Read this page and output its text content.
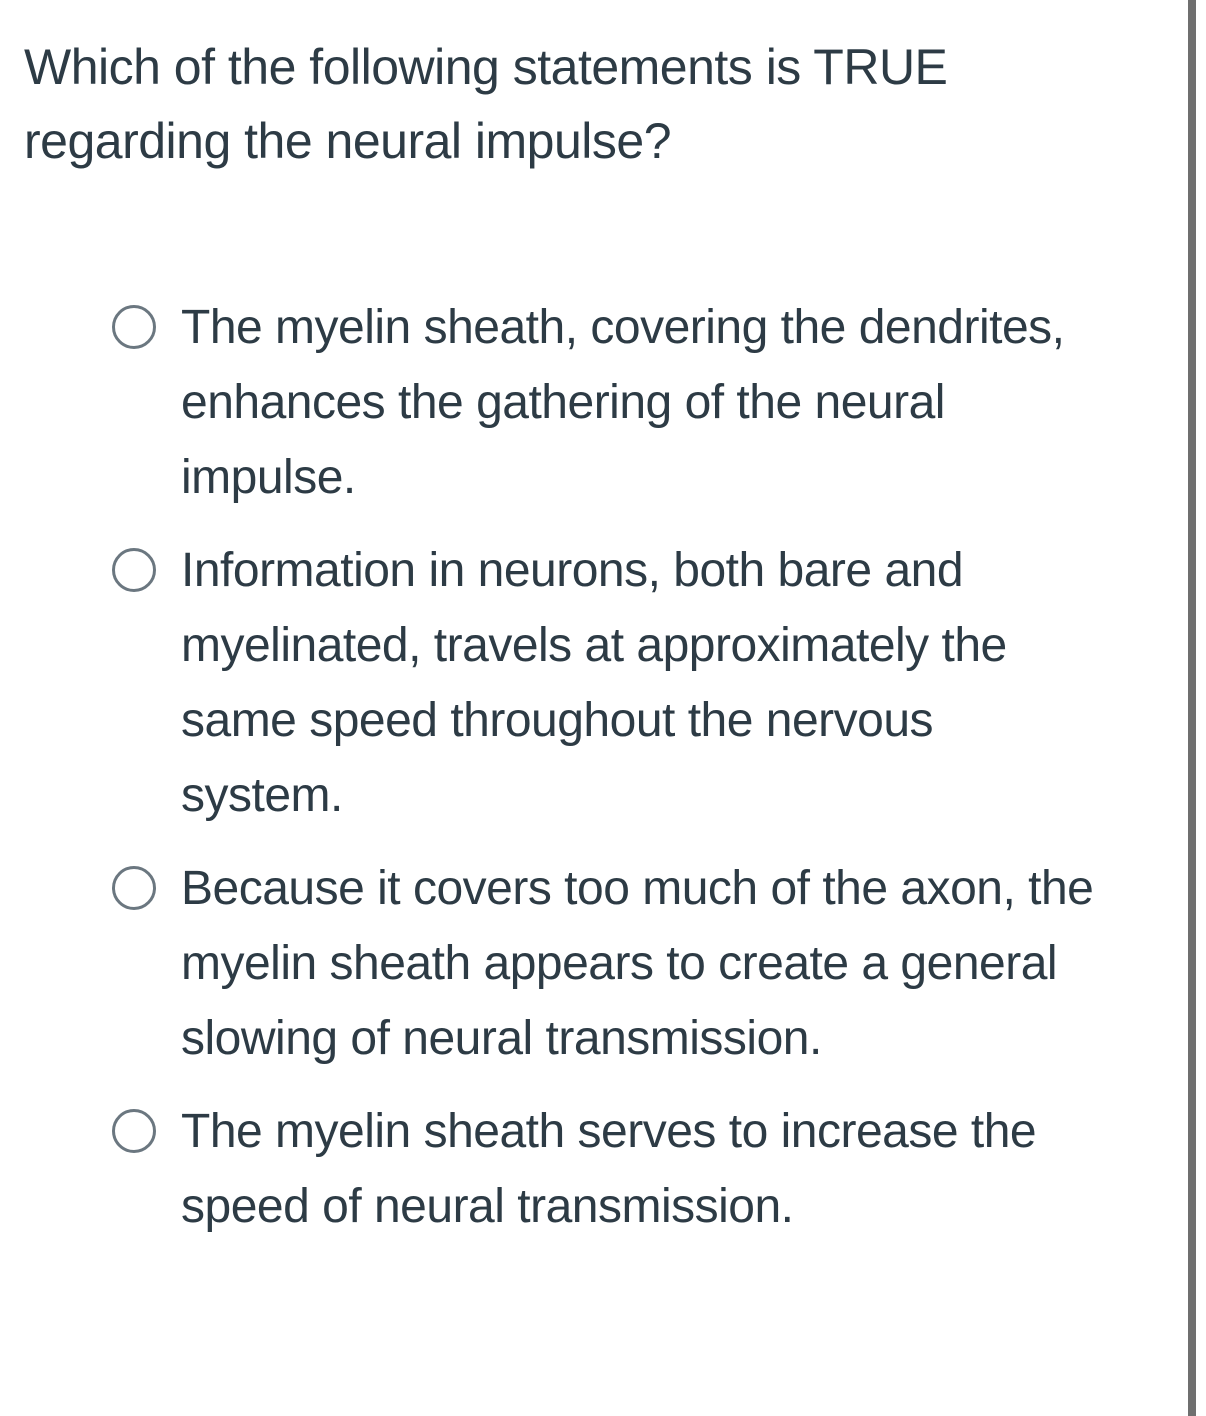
Which of the following statements is TRUE regarding the neural impulse?
The myelin sheath, covering the dendrites, enhances the gathering of the neural impulse.
Information in neurons, both bare and myelinated, travels at approximately the same speed throughout the nervous system.
Because it covers too much of the axon, the myelin sheath appears to create a general slowing of neural transmission.
The myelin sheath serves to increase the speed of neural transmission.
